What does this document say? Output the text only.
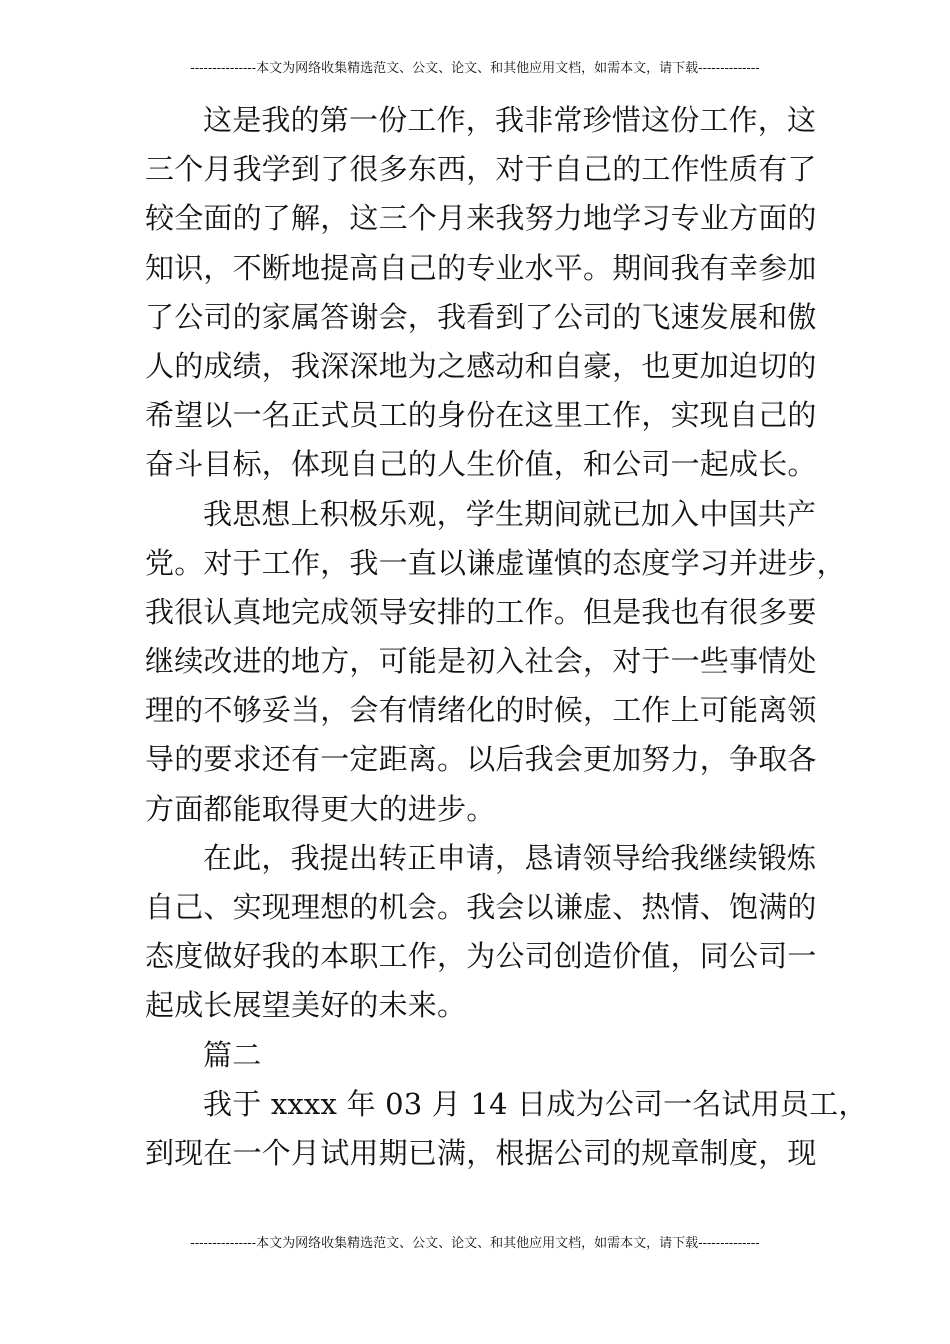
---------------本文为网络收集精选范文、公文、论文、和其他应用文档，如需本文，请下载--------------
这是我的第一份工作，我非常珍惜这份工作，这
三个月我学到了很多东西，对于自己的工作性质有了
较全面的了解，这三个月来我努力地学习专业方面的
知识，不断地提高自己的专业水平。期间我有幸参加
了公司的家属答谢会，我看到了公司的飞速发展和傲
人的成绩，我深深地为之感动和自豪，也更加迫切的
希望以一名正式员工的身份在这里工作，实现自己的
奋斗目标，体现自己的人生价值，和公司一起成长。
我思想上积极乐观，学生期间就已加入中国共产
党。对于工作，我一直以谦虚谨慎的态度学习并进步，
我很认真地完成领导安排的工作。但是我也有很多要
继续改进的地方，可能是初入社会，对于一些事情处
理的不够妥当，会有情绪化的时候，工作上可能离领
导的要求还有一定距离。以后我会更加努力，争取各
方面都能取得更大的进步。
在此，我提出转正申请，恳请领导给我继续锻炼
自己、实现理想的机会。我会以谦虚、热情、饱满的
态度做好我的本职工作，为公司创造价值，同公司一
起成长展望美好的未来。
篇二
我于 xxxx 年 03 月 14 日成为公司一名试用员工，
到现在一个月试用期已满，根据公司的规章制度，现
---------------本文为网络收集精选范文、公文、论文、和其他应用文档，如需本文，请下载--------------
